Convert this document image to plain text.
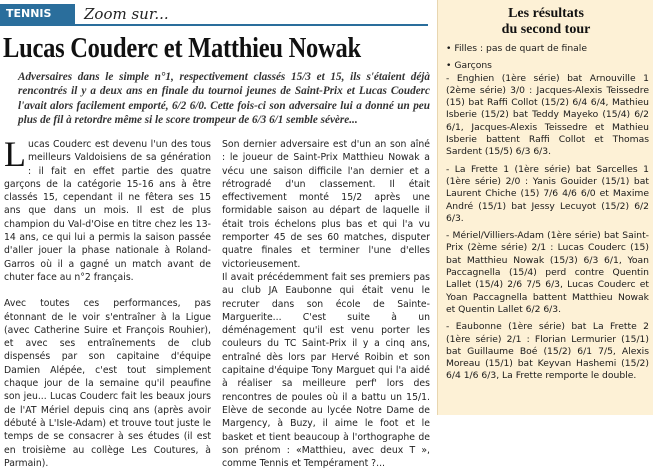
TENNIS	Zoom sur...
Lucas Couderc et Matthieu Nowak

Adversaires dans le simple n°1, respectivement classés 15/3 et 15, ils s'étaient déjà rencontrés il y a deux ans en finale du tournoi jeunes de Saint-Prix et Lucas Couderc l'avait alors facilement emporté, 6/2 6/0. Cette fois-ci son adversaire lui a donné un peu plus de fil à retordre même si le score trompeur de 6/3 6/1 semble sévère...

Lucas Couderc est devenu l'un des tous meilleurs Valdoisiens de sa génération : il fait en effet partie des quatre garçons de la catégorie 15-16 ans à être classés 15, cependant il ne fêtera ses 15 ans que dans un mois. Il est de plus champion du Val-d'Oise en titre chez les 13-14 ans, ce qui lui a permis la saison passée d'aller jouer la phase nationale à Roland-Garros où il a gagné un match avant de chuter face au n°2 français.

Avec toutes ces performances, pas étonnant de le voir s'entraîner à la Ligue (avec Catherine Suire et François Rouhier), et avec ses entraînements de club dispensés par son capitaine d'équipe Damien Alépée, c'est tout simplement chaque jour de la semaine qu'il peaufine son jeu... Lucas Couderc fait les beaux jours de l'AT Mériel depuis cinq ans (après avoir débuté à L'Isle-Adam) et trouve tout juste le temps de se consacrer à ses études (il est en troisième au collège Les Coutures, à Parmain).

Son dernier adversaire est d'un an son aîné : le joueur de Saint-Prix Matthieu Nowak a vécu une saison difficile l'an dernier et a rétrogradé d'un classement. Il était effectivement monté 15/2 après une formidable saison au départ de laquelle il était trois échelons plus bas et qui l'a vu remporter 45 de ses 60 matches, disputer quatre finales et terminer l'une d'elles victorieusement.

Il avait précédemment fait ses premiers pas au club JA Eaubonne qui était venu le recruter dans son école de Sainte-Marguerite... C'est suite à un déménagement qu'il est venu porter les couleurs du TC Saint-Prix il y a cinq ans, entraîné dès lors par Hervé Roibin et son capitaine d'équipe Tony Marguet qui l'a aidé à réaliser sa meilleure perf' lors des rencontres de poules où il a battu un 15/1. Elève de seconde au lycée Notre Dame de Margency, à Buzy, il aime le foot et le basket et tient beaucoup à l'orthographe de son prénom : «Matthieu, avec deux T », comme Tennis et Tempérament ?...

Les résultats
du second tour
• Filles : pas de quart de finale
• Garçons
- Enghien (1ère série) bat Arnouville 1 (2ème série) 3/0 : Jacques-Alexis Teissedre (15) bat Raffi Collot (15/2) 6/4 6/4, Mathieu Isberie (15/2) bat Teddy Mayeko (15/4) 6/2 6/1, Jacques-Alexis Teissedre et Mathieu Isberie battent Raffi Collot et Thomas Sardent (15/5) 6/3 6/3.
- La Frette 1 (1ère série) bat Sarcelles 1 (1ère série) 2/0 : Yanis Gouider (15/1) bat Laurent Chiche (15) 7/6 4/6 6/0 et Maxime André (15/1) bat Jessy Lecuyot (15/2) 6/2 6/3.
- Mériel/Villiers-Adam (1ère série) bat Saint-Prix (2ème série) 2/1 : Lucas Couderc (15) bat Matthieu Nowak (15/3) 6/3 6/1, Yoan Paccagnella (15/4) perd contre Quentin Lallet (15/4) 2/6 7/5 6/3, Lucas Couderc et Yoan Paccagnella battent Matthieu Nowak et Quentin Lallet 6/2 6/3.
- Eaubonne (1ère série) bat La Frette 2 (1ère série) 2/1 : Florian Lermurier (15/1) bat Guillaume Boé (15/2) 6/1 7/5, Alexis Moreau (15/1) bat Keyvan Hashemi (15/2) 6/4 1/6 6/3, La Frette remporte le double.
